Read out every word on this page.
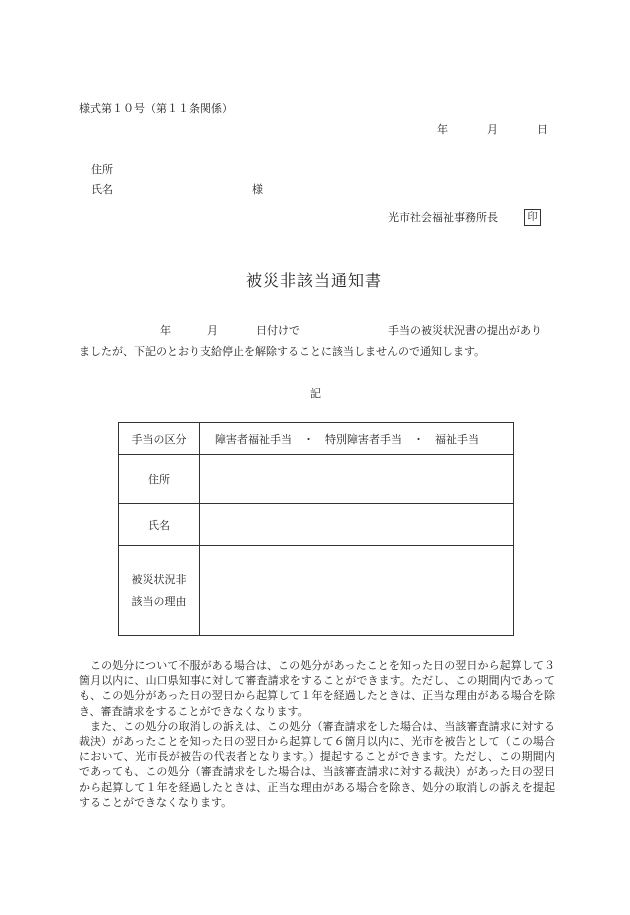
様式第１０号（第１１条関係）
年	月	日
住所
氏名	様
光市社会福祉事務所長	印
被災非該当通知書
年	月	日付けで	手当の被災状況書の提出があり
ましたが、下記のとおり支給停止を解除することに該当しませんので通知します。
記
手当の区分	障害者福祉手当　・　特別障害者手当　・　福祉手当
住所	
氏名	

被災状況非
該当の理由	

この処分について不服がある場合は、この処分があったことを知った日の翌日から起算して３箇月以内に、山口県知事に対して審査請求をすることができます。ただし、この期間内であっても、この処分があった日の翌日から起算して１年を経過したときは、正当な理由がある場合を除き、審査請求をすることができなくなります。

また、この処分の取消しの訴えは、この処分（審査請求をした場合は、当該審査請求に対する裁決）があったことを知った日の翌日から起算して６箇月以内に、光市を被告として（この場合において、光市長が被告の代表者となります。）提起することができます。ただし、この期間内であっても、この処分（審査請求をした場合は、当該審査請求に対する裁決）があった日の翌日から起算して１年を経過したときは、正当な理由がある場合を除き、処分の取消しの訴えを提起することができなくなります。
